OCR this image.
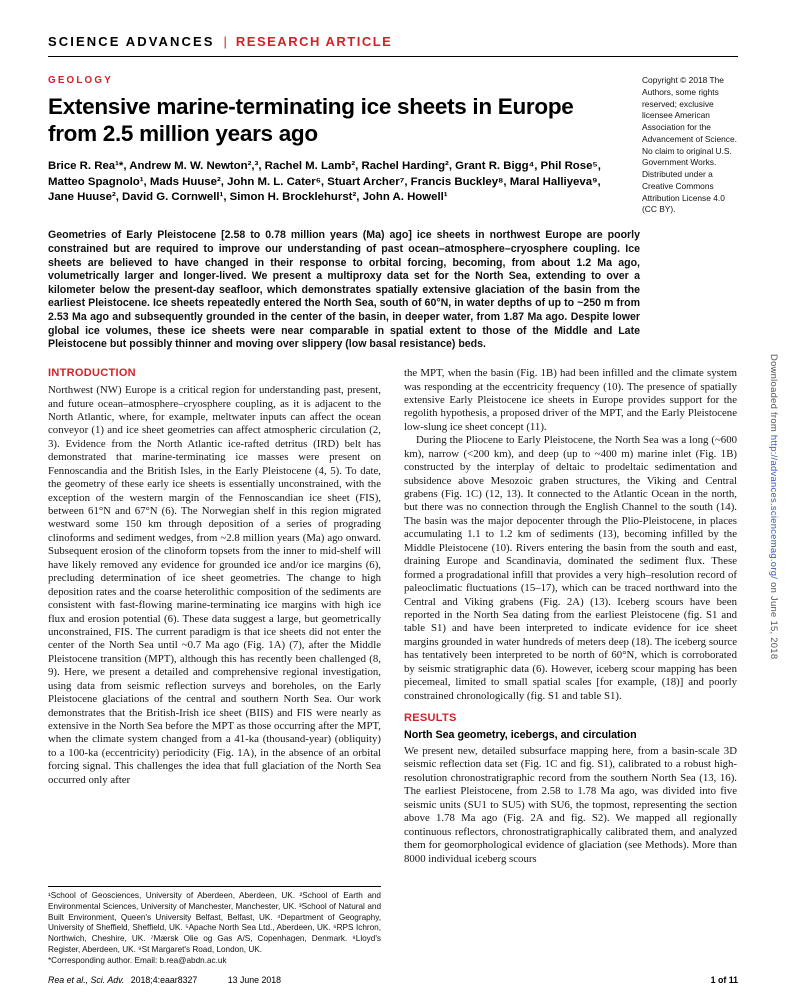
SCIENCE ADVANCES | RESEARCH ARTICLE
GEOLOGY
Extensive marine-terminating ice sheets in Europe from 2.5 million years ago

Brice R. Rea¹*, Andrew M. W. Newton²,³, Rachel M. Lamb², Rachel Harding², Grant R. Bigg⁴, Phil Rose⁵, Matteo Spagnolo¹, Mads Huuse², John M. L. Cater⁶, Stuart Archer⁷, Francis Buckley⁸, Maral Halliyeva⁹, Jane Huuse², David G. Cornwell¹, Simon H. Brocklehurst², John A. Howell¹

Copyright © 2018 The Authors, some rights reserved; exclusive licensee American Association for the Advancement of Science. No claim to original U.S. Government Works. Distributed under a Creative Commons Attribution License 4.0 (CC BY).

Geometries of Early Pleistocene [2.58 to 0.78 million years (Ma) ago] ice sheets in northwest Europe are poorly constrained but are required to improve our understanding of past ocean–atmosphere–cryosphere coupling. Ice sheets are believed to have changed in their response to orbital forcing, becoming, from about 1.2 Ma ago, volumetrically larger and longer-lived. We present a multiproxy data set for the North Sea, extending to over a kilometer below the present-day seafloor, which demonstrates spatially extensive glaciation of the basin from the earliest Pleistocene. Ice sheets repeatedly entered the North Sea, south of 60°N, in water depths of up to ~250 m from 2.53 Ma ago and subsequently grounded in the center of the basin, in deeper water, from 1.87 Ma ago. Despite lower global ice volumes, these ice sheets were near comparable in spatial extent to those of the Middle and Late Pleistocene but possibly thinner and moving over slippery (low basal resistance) beds.

INTRODUCTION

Northwest (NW) Europe is a critical region for understanding past, present, and future ocean–atmosphere–cryosphere coupling, as it is adjacent to the North Atlantic, where, for example, meltwater inputs can affect the ocean conveyor (1) and ice sheet geometries can affect atmospheric circulation (2, 3). Evidence from the North Atlantic ice-rafted detritus (IRD) belt has demonstrated that marine-terminating ice masses were present on Fennoscandia and the British Isles, in the Early Pleistocene (4, 5). To date, the geometry of these early ice sheets is essentially unconstrained, with the exception of the western margin of the Fennoscandian ice sheet (FIS), between 61°N and 67°N (6). The Norwegian shelf in this region migrated westward some 150 km through deposition of a series of prograding clinoforms and sediment wedges, from ~2.8 million years (Ma) ago onward. Subsequent erosion of the clinoform topsets from the inner to mid-shelf will have likely removed any evidence for grounded ice and/or ice margins (6), precluding determination of ice sheet geometries. The change to high deposition rates and the coarse heterolithic composition of the sediments are consistent with fast-flowing marine-terminating ice margins with high ice flux and erosion potential (6). These data suggest a large, but geometrically unconstrained, FIS. The current paradigm is that ice sheets did not enter the center of the North Sea until ~0.7 Ma ago (Fig. 1A) (7), after the Middle Pleistocene transition (MPT), although this has recently been challenged (8, 9). Here, we present a detailed and comprehensive regional investigation, using data from seismic reflection surveys and boreholes, on the Early Pleistocene glaciations of the central and southern North Sea. Our work demonstrates that the British-Irish ice sheet (BIIS) and FIS were nearly as extensive in the North Sea before the MPT as those occurring after the MPT, when the climate system changed from a 41-ka (thousand-year) (obliquity) to a 100-ka (eccentricity) periodicity (Fig. 1A), in the absence of an orbital forcing signal. This challenges the idea that full glaciation of the North Sea occurred only after

¹School of Geosciences, University of Aberdeen, Aberdeen, UK. ²School of Earth and Environmental Sciences, University of Manchester, Manchester, UK. ³School of Natural and Built Environment, Queen's University Belfast, Belfast, UK. ⁴Department of Geography, University of Sheffield, Sheffield, UK. ⁵Apache North Sea Ltd., Aberdeen, UK. ⁶RPS Ichron, Northwich, Cheshire, UK. ⁷Mærsk Olie og Gas A/S, Copenhagen, Denmark. ⁸Lloyd's Register, Aberdeen, UK. ⁹St Margaret's Road, London, UK.

*Corresponding author. Email: b.rea@abdn.ac.uk

the MPT, when the basin (Fig. 1B) had been infilled and the climate system was responding at the eccentricity frequency (10). The presence of spatially extensive Early Pleistocene ice sheets in Europe provides support for the regolith hypothesis, a proposed driver of the MPT, and the Early Pleistocene low-slung ice sheet concept (11).

During the Pliocene to Early Pleistocene, the North Sea was a long (~600 km), narrow (<200 km), and deep (up to ~400 m) marine inlet (Fig. 1B) constructed by the interplay of deltaic to prodeltaic sedimentation and subsidence above Mesozoic graben structures, the Viking and Central grabens (Fig. 1C) (12, 13). It connected to the Atlantic Ocean in the north, but there was no connection through the English Channel to the south (14). The basin was the major depocenter through the Plio-Pleistocene, in places accumulating 1.1 to 1.2 km of sediments (13), becoming infilled by the Middle Pleistocene (10). Rivers entering the basin from the south and east, draining Europe and Scandinavia, dominated the sediment flux. These formed a progradational infill that provides a very high–resolution record of paleoclimatic fluctuations (15–17), which can be traced northward into the Central and Viking grabens (Fig. 2A) (13). Iceberg scours have been reported in the North Sea dating from the earliest Pleistocene (fig. S1 and table S1) and have been interpreted to indicate evidence for ice sheet margins grounded in water hundreds of meters deep (18). The iceberg source has tentatively been interpreted to be north of 60°N, which is corroborated by seismic stratigraphic data (6). However, iceberg scour mapping has been piecemeal, limited to small spatial scales [for example, (18)] and poorly constrained chronologically (fig. S1 and table S1).

RESULTS
North Sea geometry, icebergs, and circulation

We present new, detailed subsurface mapping here, from a basin-scale 3D seismic reflection data set (Fig. 1C and fig. S1), calibrated to a robust high-resolution chronostratigraphic record from the southern North Sea (13, 16). The earliest Pleistocene, from 2.58 to 1.78 Ma ago, was divided into five seismic units (SU1 to SU5) with SU6, the topmost, representing the section above 1.78 Ma ago (Fig. 2A and fig. S2). We mapped all regionally continuous reflectors, chronostratigraphically calibrated them, and analyzed them for geomorphological evidence of glaciation (see Methods). More than 8000 individual iceberg scours

Downloaded from http://advances.sciencemag.org/ on June 15, 2018
Rea et al., Sci. Adv. 2018;4:eaar8327	13 June 2018	1 of 11
